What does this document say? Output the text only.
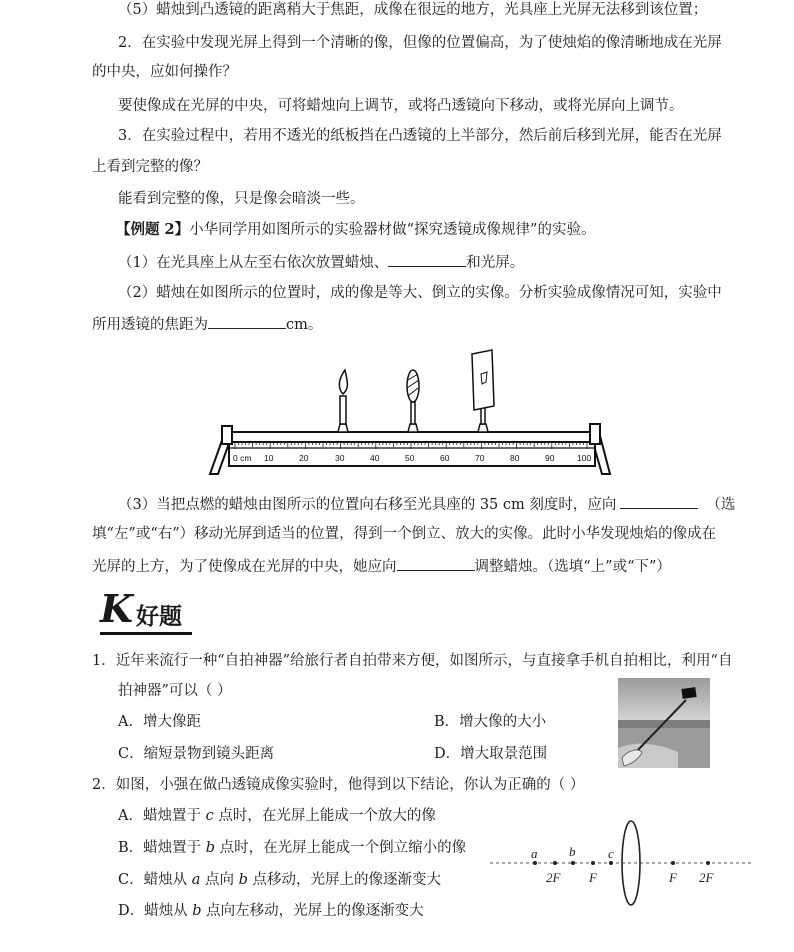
（5）蜡烛到凸透镜的距离稍大于焦距，成像在很远的地方，光具座上光屏无法移到该位置；
2．在实验中发现光屏上得到一个清晰的像，但像的位置偏高，为了使烛焰的像清晰地成在光屏
的中央，应如何操作？
要使像成在光屏的中央，可将蜡烛向上调节，或将凸透镜向下移动，或将光屏向上调节。
3．在实验过程中，若用不透光的纸板挡在凸透镜的上半部分，然后前后移到光屏，能否在光屏
上看到完整的像？
能看到完整的像，只是像会暗淡一些。
【例题 2】小华同学用如图所示的实验器材做“探究透镜成像规律”的实验。
（1）在光具座上从左至右依次放置蜡烛、	和光屏。
（2）蜡烛在如图所示的位置时，成的像是等大、倒立的实像。分析实验成像情况可知，实验中
所用透镜的焦距为	cm。
0 cm 10	20	30	40	50	60	70	80	90	100
（3）当把点燃的蜡烛由图所示的位置向右移至光具座的 35 cm 刻度时，应向	（选
填“左”或“右”）移动光屏到适当的位置，得到一个倒立、放大的实像。此时小华发现烛焰的像成在
光屏的上方，为了使像成在光屏的中央，她应向	调整蜡烛。（选填“上”或“下”）
K 好题
1．近年来流行一种“自拍神器”给旅行者自拍带来方便，如图所示，与直接拿手机自拍相比，利用“自
拍神器”可以（ ）
A．增大像距	B．增大像的大小
C．缩短景物到镜头距离	D．增大取景范围
2．如图，小强在做凸透镜成像实验时，他得到以下结论，你认为正确的（ ）
A．蜡烛置于 c 点时，在光屏上能成一个放大的像
B．蜡烛置于 b 点时，在光屏上能成一个倒立缩小的像
C．蜡烛从 a 点向 b 点移动，光屏上的像逐渐变大
D．蜡烛从 b 点向左移动，光屏上的像逐渐变大
a b	c
2F F	F 2F
